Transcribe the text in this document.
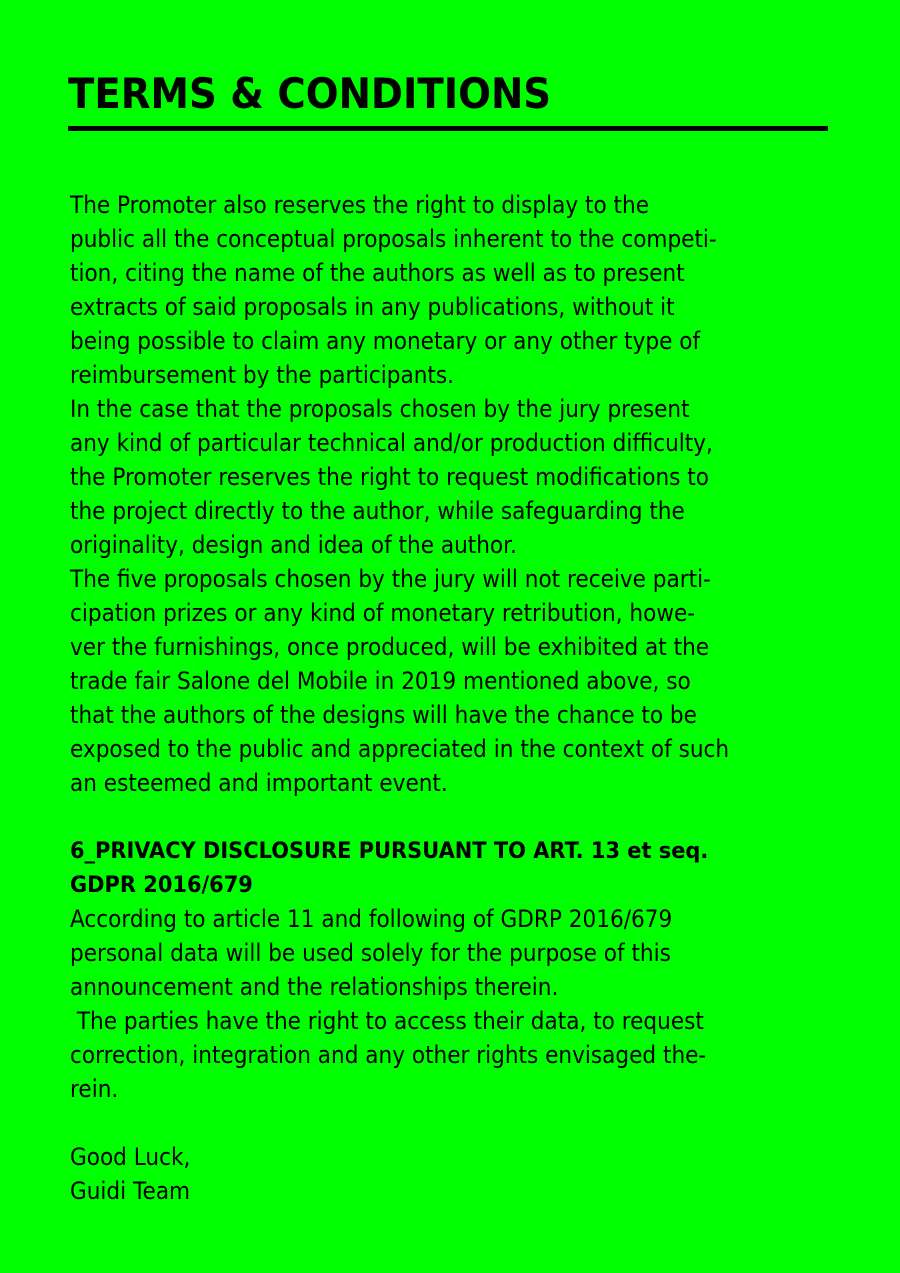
TERMS & CONDITIONS
The Promoter also reserves the right to display to the
public all the conceptual proposals inherent to the competi-
tion, citing the name of the authors as well as to present
extracts of said proposals in any publications, without it
being possible to claim any monetary or any other type of
reimbursement by the participants.
In the case that the proposals chosen by the jury present
any kind of particular technical and/or production difficulty,
the Promoter reserves the right to request modifications to
the project directly to the author, while safeguarding the
originality, design and idea of the author.
The five proposals chosen by the jury will not receive parti-
cipation prizes or any kind of monetary retribution, howe-
ver the furnishings, once produced, will be exhibited at the
trade fair Salone del Mobile in 2019 mentioned above, so
that the authors of the designs will have the chance to be
exposed to the public and appreciated in the context of such
an esteemed and important event.
6_PRIVACY DISCLOSURE PURSUANT TO ART. 13 et seq.
GDPR 2016/679
According to article 11 and following of GDRP 2016/679
personal data will be used solely for the purpose of this
announcement and the relationships therein.
The parties have the right to access their data, to request
correction, integration and any other rights envisaged the-
rein.
Good Luck,
Guidi Team
